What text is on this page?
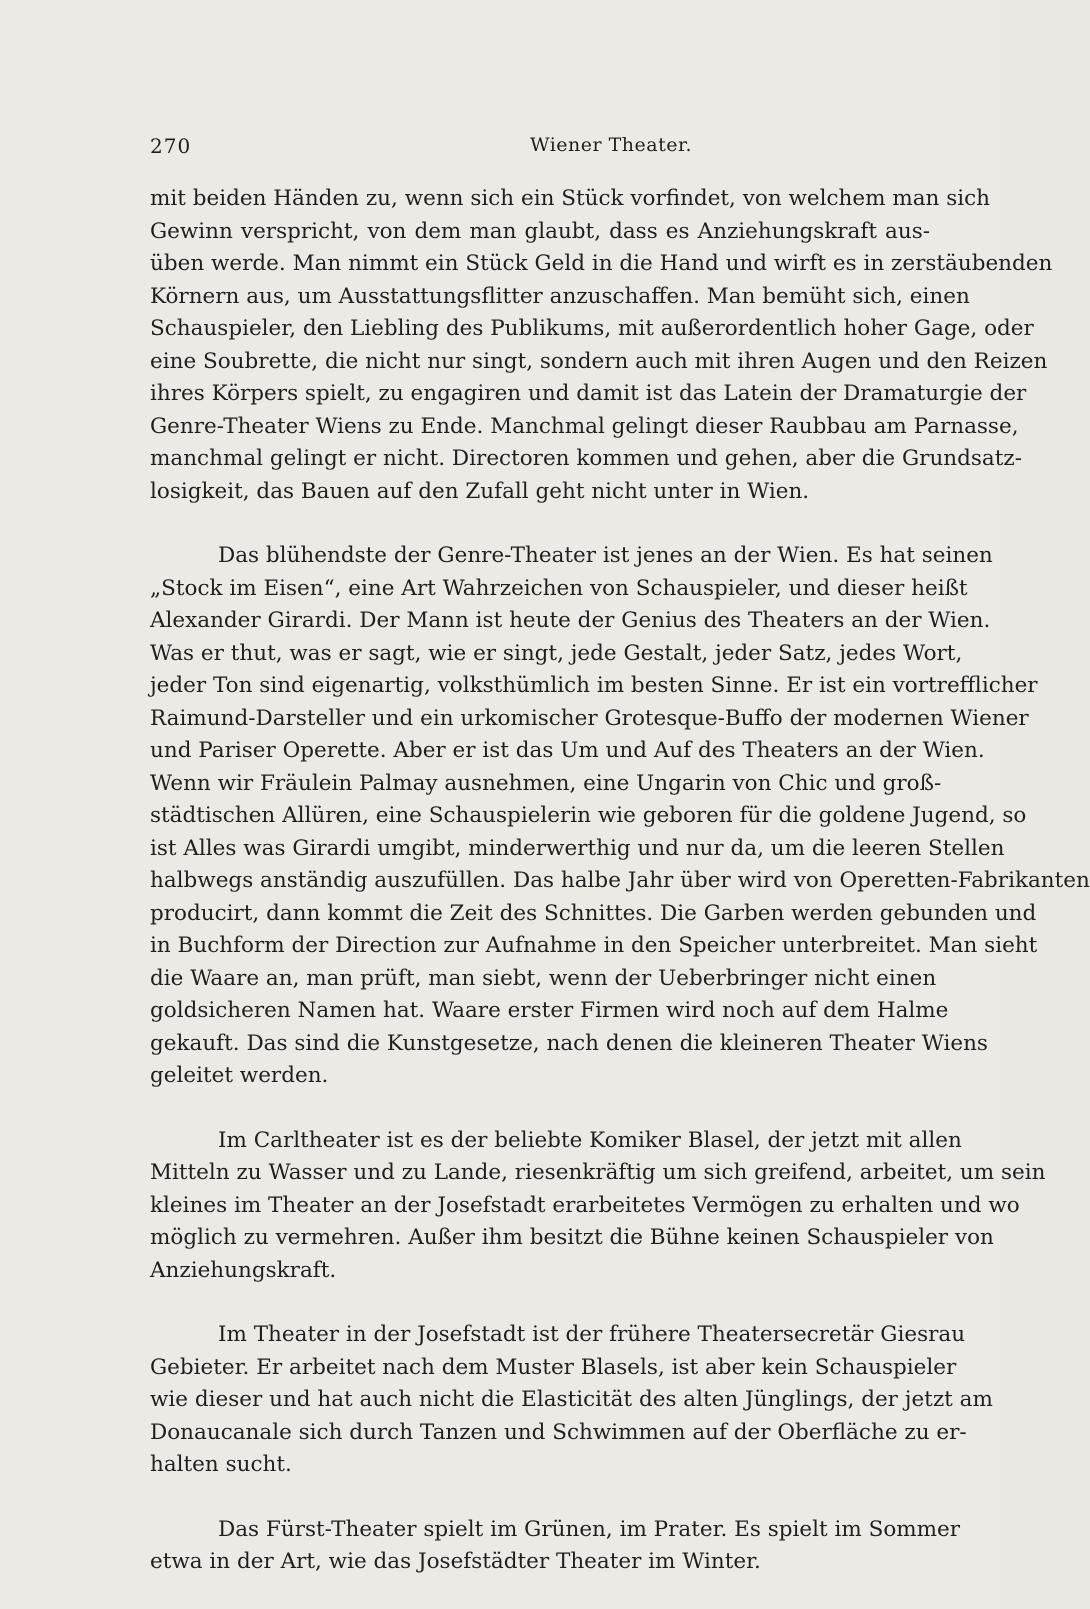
270	Wiener Theater.
mit beiden Händen zu, wenn sich ein Stück vorfindet, von welchem man sich
Gewinn verspricht, von dem man glaubt, dass es Anziehungskraft aus-
üben werde. Man nimmt ein Stück Geld in die Hand und wirft es in zerstäubenden
Körnern aus, um Ausstattungsflitter anzuschaffen. Man bemüht sich, einen
Schauspieler, den Liebling des Publikums, mit außerordentlich hoher Gage, oder
eine Soubrette, die nicht nur singt, sondern auch mit ihren Augen und den Reizen
ihres Körpers spielt, zu engagiren und damit ist das Latein der Dramaturgie der
Genre-Theater Wiens zu Ende. Manchmal gelingt dieser Raubbau am Parnasse,
manchmal gelingt er nicht. Directoren kommen und gehen, aber die Grundsatz-
losigkeit, das Bauen auf den Zufall geht nicht unter in Wien.
Das blühendste der Genre-Theater ist jenes an der Wien. Es hat seinen
„Stock im Eisen“, eine Art Wahrzeichen von Schauspieler, und dieser heißt
Alexander Girardi. Der Mann ist heute der Genius des Theaters an der Wien.
Was er thut, was er sagt, wie er singt, jede Gestalt, jeder Satz, jedes Wort,
jeder Ton sind eigenartig, volksthümlich im besten Sinne. Er ist ein vortrefflicher
Raimund-Darsteller und ein urkomischer Grotesque-Buffo der modernen Wiener
und Pariser Operette. Aber er ist das Um und Auf des Theaters an der Wien.
Wenn wir Fräulein Palmay ausnehmen, eine Ungarin von Chic und groß-
städtischen Allüren, eine Schauspielerin wie geboren für die goldene Jugend, so
ist Alles was Girardi umgibt, minderwerthig und nur da, um die leeren Stellen
halbwegs anständig auszufüllen. Das halbe Jahr über wird von Operetten-Fabrikanten
producirt, dann kommt die Zeit des Schnittes. Die Garben werden gebunden und
in Buchform der Direction zur Aufnahme in den Speicher unterbreitet. Man sieht
die Waare an, man prüft, man siebt, wenn der Ueberbringer nicht einen
goldsicheren Namen hat. Waare erster Firmen wird noch auf dem Halme
gekauft. Das sind die Kunstgesetze, nach denen die kleineren Theater Wiens
geleitet werden.
Im Carltheater ist es der beliebte Komiker Blasel, der jetzt mit allen
Mitteln zu Wasser und zu Lande, riesenkräftig um sich greifend, arbeitet, um sein
kleines im Theater an der Josefstadt erarbeitetes Vermögen zu erhalten und wo
möglich zu vermehren. Außer ihm besitzt die Bühne keinen Schauspieler von
Anziehungskraft.
Im Theater in der Josefstadt ist der frühere Theatersecretär Giesrau
Gebieter. Er arbeitet nach dem Muster Blasels, ist aber kein Schauspieler
wie dieser und hat auch nicht die Elasticität des alten Jünglings, der jetzt am
Donaucanale sich durch Tanzen und Schwimmen auf der Oberfläche zu er-
halten sucht.
Das Fürst-Theater spielt im Grünen, im Prater. Es spielt im Sommer
etwa in der Art, wie das Josefstädter Theater im Winter.
